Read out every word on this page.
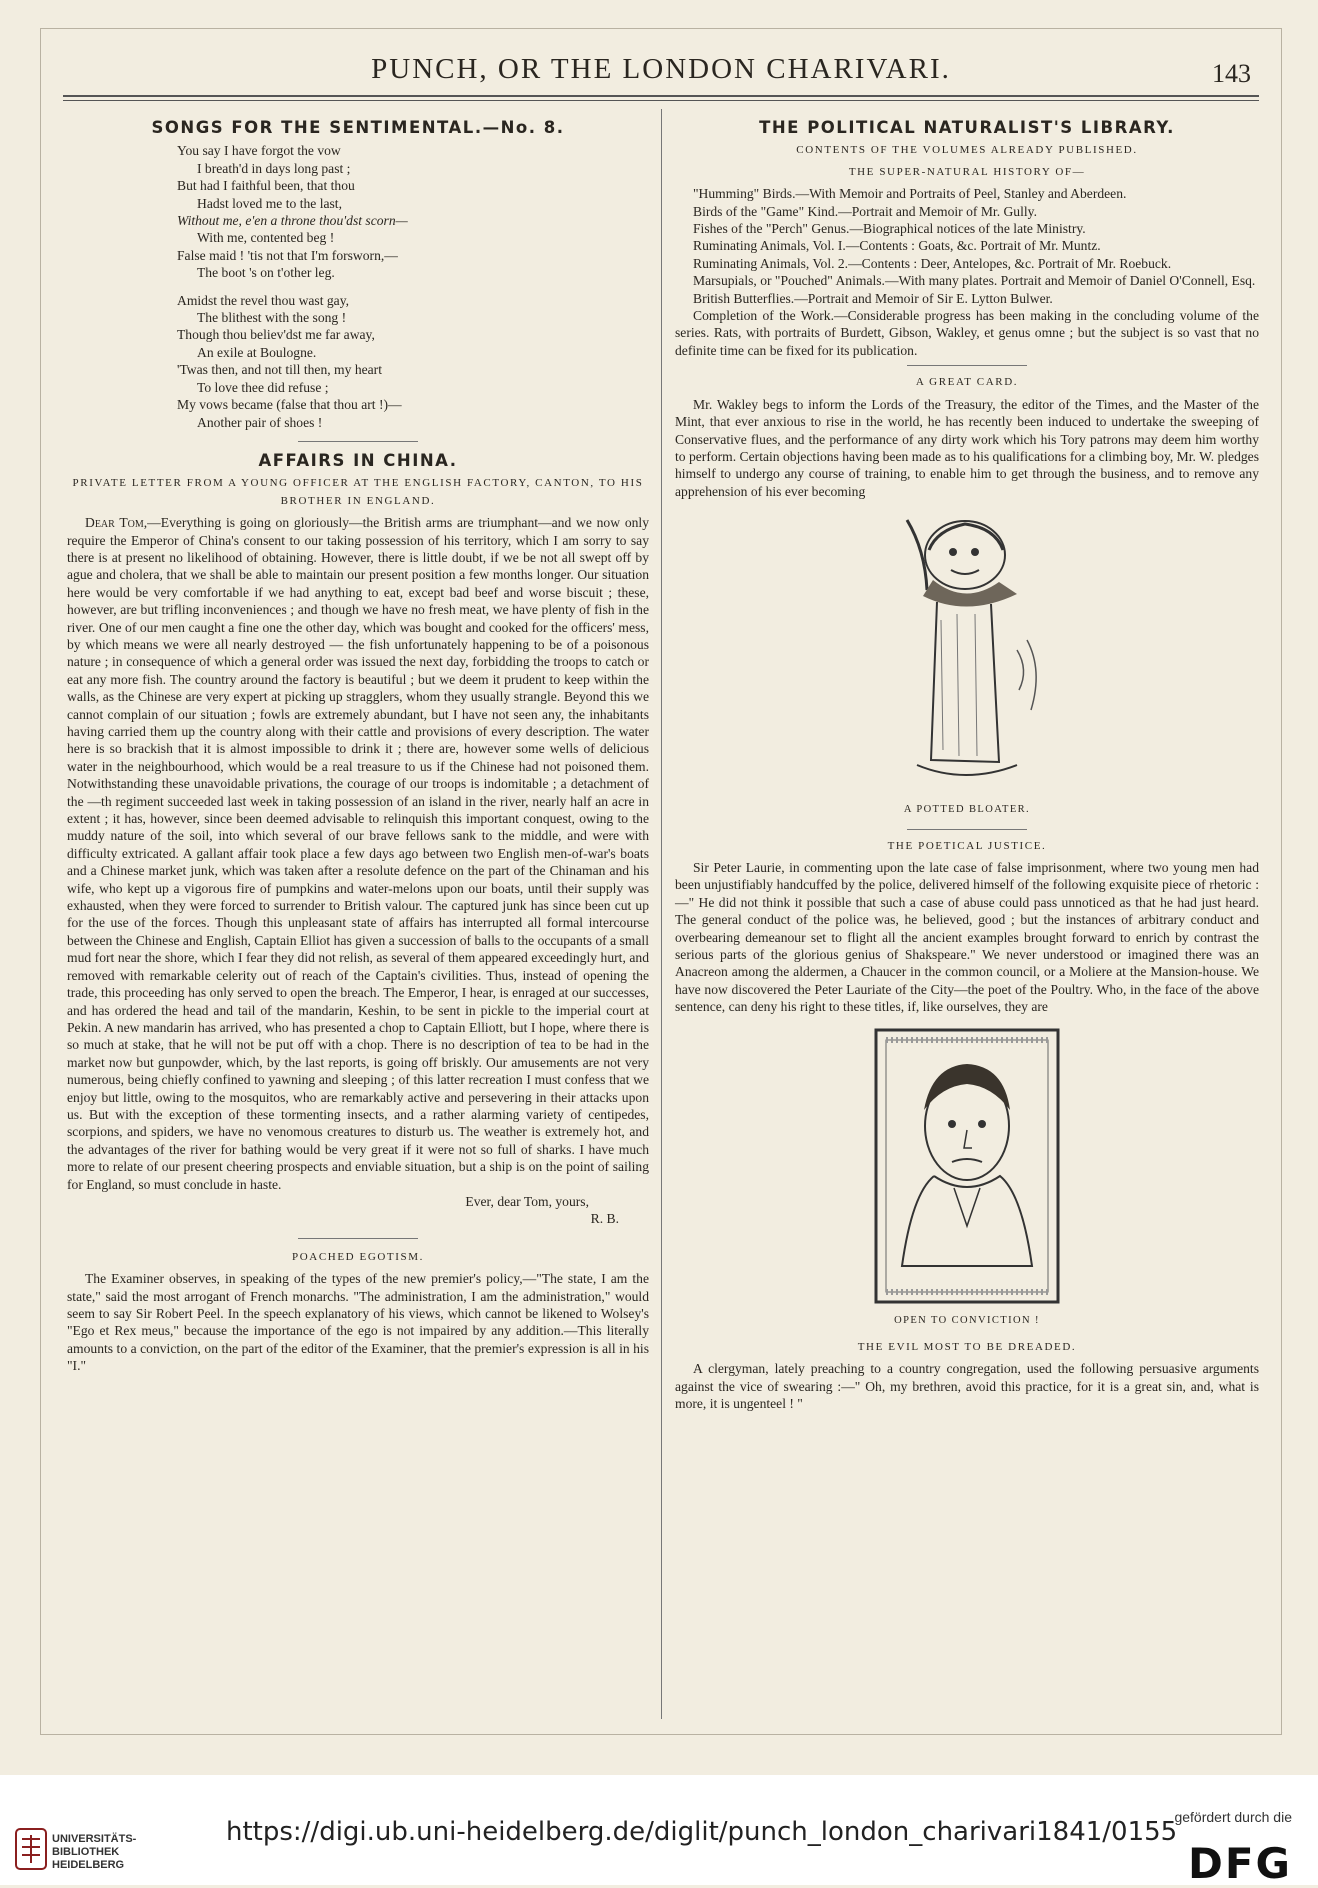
PUNCH, OR THE LONDON CHARIVARI.	143
SONGS FOR THE SENTIMENTAL.—No. 8.
You say I have forgot the vow
I breath'd in days long past ;
But had I faithful been, that thou
Hadst loved me to the last,
Without me, e'en a throne thou'dst scorn—
With me, contented beg !
False maid ! 'tis not that I'm forsworn,—
The boot 's on t'other leg.
Amidst the revel thou wast gay,
The blithest with the song !
Though thou believ'dst me far away,
An exile at Boulogne.
'Twas then, and not till then, my heart
To love thee did refuse ;
My vows became (false that thou art !)—
Another pair of shoes !
AFFAIRS IN CHINA.
PRIVATE LETTER FROM A YOUNG OFFICER AT THE ENGLISH FACTORY, CANTON, TO HIS BROTHER IN ENGLAND.

Dear Tom,—Everything is going on gloriously—the British arms are triumphant—and we now only require the Emperor of China's consent to our taking possession of his territory, which I am sorry to say there is at present no likelihood of obtaining. However, there is little doubt, if we be not all swept off by ague and cholera, that we shall be able to maintain our present position a few months longer. Our situation here would be very comfortable if we had anything to eat, except bad beef and worse biscuit ; these, however, are but trifling inconveniences ; and though we have no fresh meat, we have plenty of fish in the river. One of our men caught a fine one the other day, which was bought and cooked for the officers' mess, by which means we were all nearly destroyed — the fish unfortunately happening to be of a poisonous nature ; in consequence of which a general order was issued the next day, forbidding the troops to catch or eat any more fish. The country around the factory is beautiful ; but we deem it prudent to keep within the walls, as the Chinese are very expert at picking up stragglers, whom they usually strangle. Beyond this we cannot complain of our situation ; fowls are extremely abundant, but I have not seen any, the inhabitants having carried them up the country along with their cattle and provisions of every description. The water here is so brackish that it is almost impossible to drink it ; there are, however some wells of delicious water in the neighbourhood, which would be a real treasure to us if the Chinese had not poisoned them. Notwithstanding these unavoidable privations, the courage of our troops is indomitable ; a detachment of the —th regiment succeeded last week in taking possession of an island in the river, nearly half an acre in extent ; it has, however, since been deemed advisable to relinquish this important conquest, owing to the muddy nature of the soil, into which several of our brave fellows sank to the middle, and were with difficulty extricated. A gallant affair took place a few days ago between two English men-of-war's boats and a Chinese market junk, which was taken after a resolute defence on the part of the Chinaman and his wife, who kept up a vigorous fire of pumpkins and water-melons upon our boats, until their supply was exhausted, when they were forced to surrender to British valour. The captured junk has since been cut up for the use of the forces. Though this unpleasant state of affairs has interrupted all formal intercourse between the Chinese and English, Captain Elliot has given a succession of balls to the occupants of a small mud fort near the shore, which I fear they did not relish, as several of them appeared exceedingly hurt, and removed with remarkable celerity out of reach of the Captain's civilities. Thus, instead of opening the trade, this proceeding has only served to open the breach. The Emperor, I hear, is enraged at our successes, and has ordered the head and tail of the mandarin, Keshin, to be sent in pickle to the imperial court at Pekin. A new mandarin has arrived, who has presented a chop to Captain Elliott, but I hope, where there is so much at stake, that he will not be put off with a chop. There is no description of tea to be had in the market now but gunpowder, which, by the last reports, is going off briskly. Our amusements are not very numerous, being chiefly confined to yawning and sleeping ; of this latter recreation I must confess that we enjoy but little, owing to the mosquitos, who are remarkably active and persevering in their attacks upon us. But with the exception of these tormenting insects, and a rather alarming variety of centipedes, scorpions, and spiders, we have no venomous creatures to disturb us. The weather is extremely hot, and the advantages of the river for bathing would be very great if it were not so full of sharks. I have much more to relate of our present cheering prospects and enviable situation, but a ship is on the point of sailing for England, so must conclude in haste.

Ever, dear Tom, yours,
R. B.
POACHED EGOTISM.

The Examiner observes, in speaking of the types of the new premier's policy,—"The state, I am the state," said the most arrogant of French monarchs. "The administration, I am the administration," would seem to say Sir Robert Peel. In the speech explanatory of his views, which cannot be likened to Wolsey's "Ego et Rex meus," because the importance of the ego is not impaired by any addition.—This literally amounts to a conviction, on the part of the editor of the Examiner, that the premier's expression is all in his "I."

THE POLITICAL NATURALIST'S LIBRARY.
CONTENTS OF THE VOLUMES ALREADY PUBLISHED.
THE SUPER-NATURAL HISTORY OF—

"Humming" Birds.—With Memoir and Portraits of Peel, Stanley and Aberdeen.

Birds of the "Game" Kind.—Portrait and Memoir of Mr. Gully.

Fishes of the "Perch" Genus.—Biographical notices of the late Ministry.

Ruminating Animals, Vol. I.—Contents : Goats, &c. Portrait of Mr. Muntz.

Ruminating Animals, Vol. 2.—Contents : Deer, Antelopes, &c. Portrait of Mr. Roebuck.

Marsupials, or "Pouched" Animals.—With many plates. Portrait and Memoir of Daniel O'Connell, Esq.

British Butterflies.—Portrait and Memoir of Sir E. Lytton Bulwer.

Completion of the Work.—Considerable progress has been making in the concluding volume of the series. Rats, with portraits of Burdett, Gibson, Wakley, et genus omne ; but the subject is so vast that no definite time can be fixed for its publication.

A GREAT CARD.

Mr. Wakley begs to inform the Lords of the Treasury, the editor of the Times, and the Master of the Mint, that ever anxious to rise in the world, he has recently been induced to undertake the sweeping of Conservative flues, and the performance of any dirty work which his Tory patrons may deem him worthy to perform. Certain objections having been made as to his qualifications for a climbing boy, Mr. W. pledges himself to undergo any course of training, to enable him to get through the business, and to remove any apprehension of his ever becoming

A POTTED BLOATER.
THE POETICAL JUSTICE.

Sir Peter Laurie, in commenting upon the late case of false imprisonment, where two young men had been unjustifiably handcuffed by the police, delivered himself of the following exquisite piece of rhetoric : —" He did not think it possible that such a case of abuse could pass unnoticed as that he had just heard. The general conduct of the police was, he believed, good ; but the instances of arbitrary conduct and overbearing demeanour set to flight all the ancient examples brought forward to enrich by contrast the serious parts of the glorious genius of Shakspeare." We never understood or imagined there was an Anacreon among the aldermen, a Chaucer in the common council, or a Moliere at the Mansion-house. We have now discovered the Peter Lauriate of the City—the poet of the Poultry. Who, in the face of the above sentence, can deny his right to these titles, if, like ourselves, they are

OPEN TO CONVICTION !
THE EVIL MOST TO BE DREADED.

A clergyman, lately preaching to a country congregation, used the following persuasive arguments against the vice of swearing :—" Oh, my brethren, avoid this practice, for it is a great sin, and, what is more, it is ungenteel ! "

UNIVERSITÄTS-
BIBLIOTHEK
HEIDELBERG
https://digi.ub.uni-heidelberg.de/diglit/punch_london_charivari1841/0155
gefördert durch die
DFG
